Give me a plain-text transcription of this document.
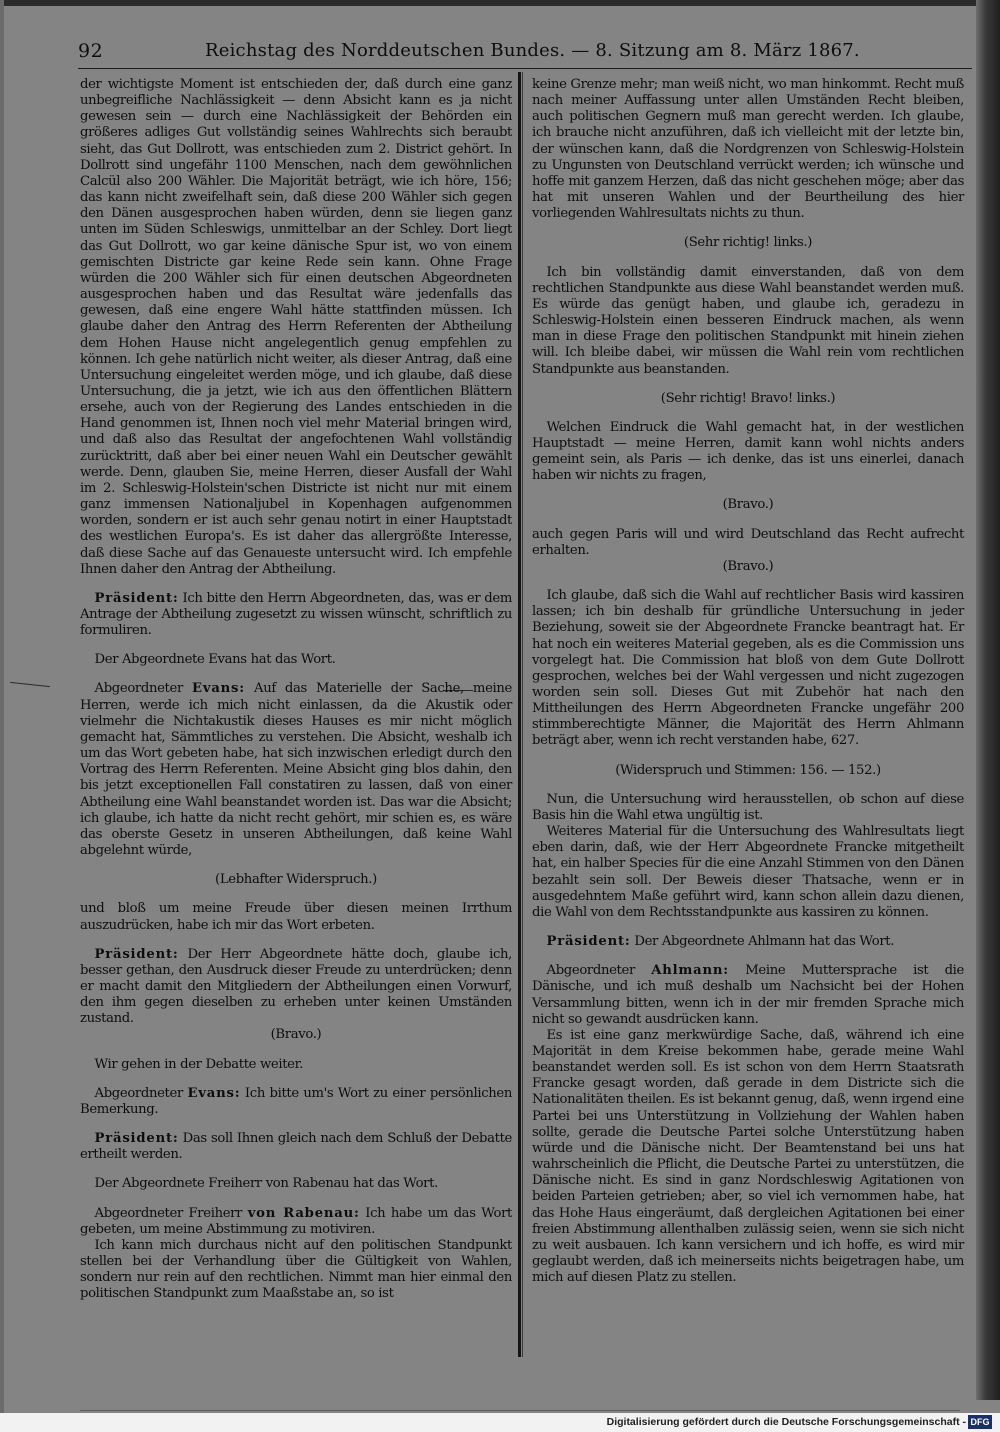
92	Reichstag des Norddeutschen Bundes. — 8. Sitzung am 8. März 1867.

der wichtigste Moment ist entschieden der, daß durch eine ganz unbegreifliche Nachlässigkeit — denn Absicht kann es ja nicht gewesen sein — durch eine Nachlässigkeit der Behörden ein größeres adliges Gut vollständig seines Wahlrechts sich beraubt sieht, das Gut Dollrott, was entschieden zum 2. District gehört. In Dollrott sind ungefähr 1100 Menschen, nach dem gewöhnlichen Calcül also 200 Wähler. Die Majorität beträgt, wie ich höre, 156; das kann nicht zweifelhaft sein, daß diese 200 Wähler sich gegen den Dänen ausgesprochen haben würden, denn sie liegen ganz unten im Süden Schleswigs, unmittelbar an der Schley. Dort liegt das Gut Dollrott, wo gar keine dänische Spur ist, wo von einem gemischten Districte gar keine Rede sein kann. Ohne Frage würden die 200 Wähler sich für einen deutschen Abgeordneten ausgesprochen haben und das Resultat wäre jedenfalls das gewesen, daß eine engere Wahl hätte stattfinden müssen. Ich glaube daher den Antrag des Herrn Referenten der Abtheilung dem Hohen Hause nicht angelegentlich genug empfehlen zu können. Ich gehe natürlich nicht weiter, als dieser Antrag, daß eine Untersuchung eingeleitet werden möge, und ich glaube, daß diese Untersuchung, die ja jetzt, wie ich aus den öffentlichen Blättern ersehe, auch von der Regierung des Landes entschieden in die Hand genommen ist, Ihnen noch viel mehr Material bringen wird, und daß also das Resultat der angefochtenen Wahl vollständig zurücktritt, daß aber bei einer neuen Wahl ein Deutscher gewählt werde. Denn, glauben Sie, meine Herren, dieser Ausfall der Wahl im 2. Schleswig-Holstein'schen Districte ist nicht nur mit einem ganz immensen Nationaljubel in Kopenhagen aufgenommen worden, sondern er ist auch sehr genau notirt in einer Hauptstadt des westlichen Europa's. Es ist daher das allergrößte Interesse, daß diese Sache auf das Genaueste untersucht wird. Ich empfehle Ihnen daher den Antrag der Abtheilung.

Präsident: Ich bitte den Herrn Abgeordneten, das, was er dem Antrage der Abtheilung zugesetzt zu wissen wünscht, schriftlich zu formuliren.

Der Abgeordnete Evans hat das Wort.

Abgeordneter Evans: Auf das Materielle der Sache, meine Herren, werde ich mich nicht einlassen, da die Akustik oder vielmehr die Nichtakustik dieses Hauses es mir nicht möglich gemacht hat, Sämmtliches zu verstehen. Die Absicht, weshalb ich um das Wort gebeten habe, hat sich inzwischen erledigt durch den Vortrag des Herrn Referenten. Meine Absicht ging blos dahin, den bis jetzt exceptionellen Fall constatiren zu lassen, daß von einer Abtheilung eine Wahl beanstandet worden ist. Das war die Absicht; ich glaube, ich hatte da nicht recht gehört, mir schien es, es wäre das oberste Gesetz in unseren Abtheilungen, daß keine Wahl abgelehnt würde,

(Lebhafter Widerspruch.)

und bloß um meine Freude über diesen meinen Irrthum auszudrücken, habe ich mir das Wort erbeten.

Präsident: Der Herr Abgeordnete hätte doch, glaube ich, besser gethan, den Ausdruck dieser Freude zu unterdrücken; denn er macht damit den Mitgliedern der Abtheilungen einen Vorwurf, den ihm gegen dieselben zu erheben unter keinen Umständen zustand.

(Bravo.)

Wir gehen in der Debatte weiter.

Abgeordneter Evans: Ich bitte um's Wort zu einer persönlichen Bemerkung.

Präsident: Das soll Ihnen gleich nach dem Schluß der Debatte ertheilt werden.

Der Abgeordnete Freiherr von Rabenau hat das Wort.

Abgeordneter Freiherr von Rabenau: Ich habe um das Wort gebeten, um meine Abstimmung zu motiviren.

Ich kann mich durchaus nicht auf den politischen Standpunkt stellen bei der Verhandlung über die Gültigkeit von Wahlen, sondern nur rein auf den rechtlichen. Nimmt man hier einmal den politischen Standpunkt zum Maaßstabe an, so ist

keine Grenze mehr; man weiß nicht, wo man hinkommt. Recht muß nach meiner Auffassung unter allen Umständen Recht bleiben, auch politischen Gegnern muß man gerecht werden. Ich glaube, ich brauche nicht anzuführen, daß ich vielleicht mit der letzte bin, der wünschen kann, daß die Nordgrenzen von Schleswig-Holstein zu Ungunsten von Deutschland verrückt werden; ich wünsche und hoffe mit ganzem Herzen, daß das nicht geschehen möge; aber das hat mit unseren Wahlen und der Beurtheilung des hier vorliegenden Wahlresultats nichts zu thun.

(Sehr richtig! links.)

Ich bin vollständig damit einverstanden, daß von dem rechtlichen Standpunkte aus diese Wahl beanstandet werden muß. Es würde das genügt haben, und glaube ich, geradezu in Schleswig-Holstein einen besseren Eindruck machen, als wenn man in diese Frage den politischen Standpunkt mit hinein ziehen will. Ich bleibe dabei, wir müssen die Wahl rein vom rechtlichen Standpunkte aus beanstanden.

(Sehr richtig! Bravo! links.)

Welchen Eindruck die Wahl gemacht hat, in der westlichen Hauptstadt — meine Herren, damit kann wohl nichts anders gemeint sein, als Paris — ich denke, das ist uns einerlei, danach haben wir nichts zu fragen,

(Bravo.)

auch gegen Paris will und wird Deutschland das Recht aufrecht erhalten.

(Bravo.)

Ich glaube, daß sich die Wahl auf rechtlicher Basis wird kassiren lassen; ich bin deshalb für gründliche Untersuchung in jeder Beziehung, soweit sie der Abgeordnete Francke beantragt hat. Er hat noch ein weiteres Material gegeben, als es die Commission uns vorgelegt hat. Die Commission hat bloß von dem Gute Dollrott gesprochen, welches bei der Wahl vergessen und nicht zugezogen worden sein soll. Dieses Gut mit Zubehör hat nach den Mittheilungen des Herrn Abgeordneten Francke ungefähr 200 stimmberechtigte Männer, die Majorität des Herrn Ahlmann beträgt aber, wenn ich recht verstanden habe, 627.

(Widerspruch und Stimmen: 156. — 152.)

Nun, die Untersuchung wird herausstellen, ob schon auf diese Basis hin die Wahl etwa ungültig ist.

Weiteres Material für die Untersuchung des Wahlresultats liegt eben darin, daß, wie der Herr Abgeordnete Francke mitgetheilt hat, ein halber Species für die eine Anzahl Stimmen von den Dänen bezahlt sein soll. Der Beweis dieser Thatsache, wenn er in ausgedehntem Maße geführt wird, kann schon allein dazu dienen, die Wahl von dem Rechtsstandpunkte aus kassiren zu können.

Präsident: Der Abgeordnete Ahlmann hat das Wort.

Abgeordneter Ahlmann: Meine Muttersprache ist die Dänische, und ich muß deshalb um Nachsicht bei der Hohen Versammlung bitten, wenn ich in der mir fremden Sprache mich nicht so gewandt ausdrücken kann.

Es ist eine ganz merkwürdige Sache, daß, während ich eine Majorität in dem Kreise bekommen habe, gerade meine Wahl beanstandet werden soll. Es ist schon von dem Herrn Staatsrath Francke gesagt worden, daß gerade in dem Districte sich die Nationalitäten theilen. Es ist bekannt genug, daß, wenn irgend eine Partei bei uns Unterstützung in Vollziehung der Wahlen haben sollte, gerade die Deutsche Partei solche Unterstützung haben würde und die Dänische nicht. Der Beamtenstand bei uns hat wahrscheinlich die Pflicht, die Deutsche Partei zu unterstützen, die Dänische nicht. Es sind in ganz Nordschleswig Agitationen von beiden Parteien getrieben; aber, so viel ich vernommen habe, hat das Hohe Haus eingeräumt, daß dergleichen Agitationen bei einer freien Abstimmung allenthalben zulässig seien, wenn sie sich nicht zu weit ausbauen. Ich kann versichern und ich hoffe, es wird mir geglaubt werden, daß ich meinerseits nichts beigetragen habe, um mich auf diesen Platz zu stellen.

Digitalisierung gefördert durch die Deutsche Forschungsgemeinschaft - DFG
